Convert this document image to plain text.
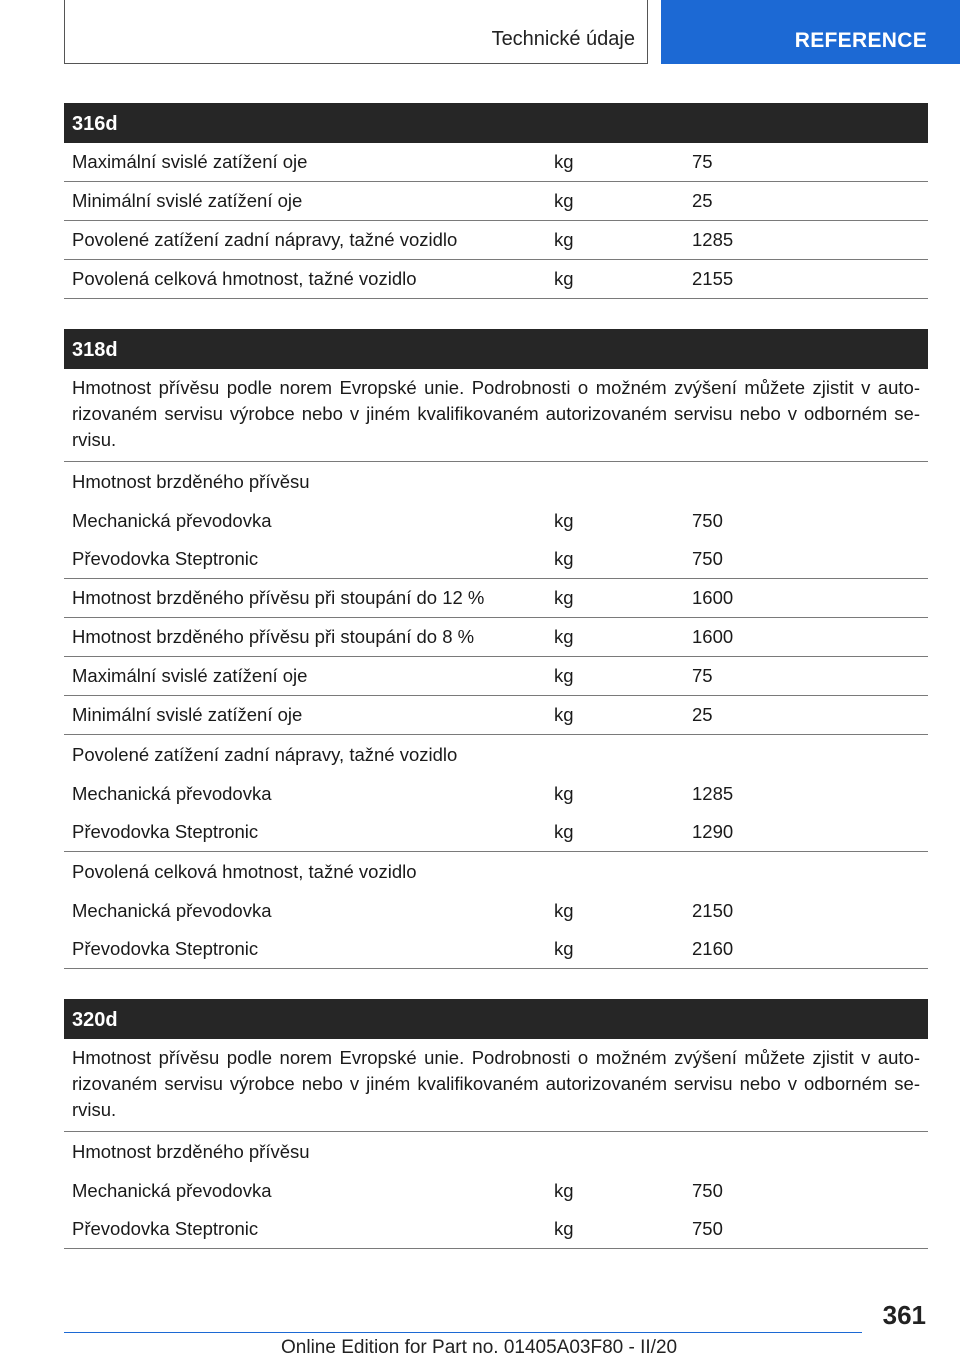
Technické údaje	REFERENCE
316d
Maximální svislé zatížení oje	kg	75
Minimální svislé zatížení oje	kg	25
Povolené zatížení zadní nápravy, tažné vozidlo	kg	1285
Povolená celková hmotnost, tažné vozidlo	kg	2155
318d
Hmotnost přívěsu podle norem Evropské unie. Podrobnosti o možném zvýšení můžete zjistit v autorizovaném servisu výrobce nebo v jiném kvalifikovaném autorizovaném servisu nebo v odborném servisu.
Hmotnost brzděného přívěsu
Mechanická převodovka	kg	750
Převodovka Steptronic	kg	750
Hmotnost brzděného přívěsu při stoupání do 12 %	kg	1600
Hmotnost brzděného přívěsu při stoupání do 8 %	kg	1600
Maximální svislé zatížení oje	kg	75
Minimální svislé zatížení oje	kg	25
Povolené zatížení zadní nápravy, tažné vozidlo
Mechanická převodovka	kg	1285
Převodovka Steptronic	kg	1290
Povolená celková hmotnost, tažné vozidlo
Mechanická převodovka	kg	2150
Převodovka Steptronic	kg	2160
320d
Hmotnost přívěsu podle norem Evropské unie. Podrobnosti o možném zvýšení můžete zjistit v autorizovaném servisu výrobce nebo v jiném kvalifikovaném autorizovaném servisu nebo v odborném servisu.
Hmotnost brzděného přívěsu
Mechanická převodovka	kg	750
Převodovka Steptronic	kg	750
361
Online Edition for Part no. 01405A03F80 - II/20
